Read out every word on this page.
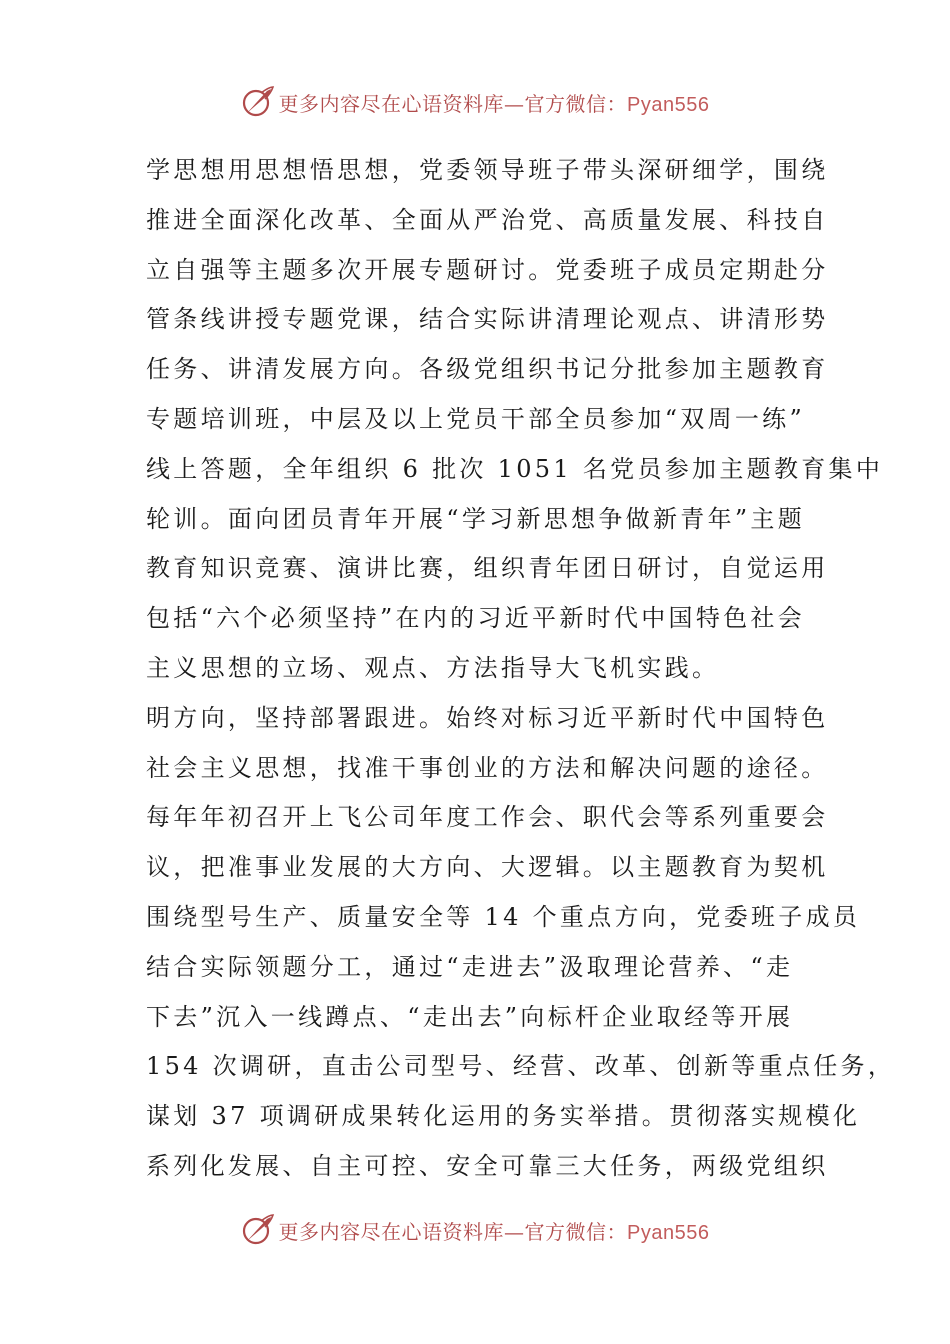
更多内容尽在心语资料库—官方微信：Pyan556
学思想用思想悟思想，党委领导班子带头深研细学，围绕
推进全面深化改革、全面从严治党、高质量发展、科技自
立自强等主题多次开展专题研讨。党委班子成员定期赴分
管条线讲授专题党课，结合实际讲清理论观点、讲清形势
任务、讲清发展方向。各级党组织书记分批参加主题教育
专题培训班，中层及以上党员干部全员参加“双周一练”
线上答题，全年组织 6 批次 1051 名党员参加主题教育集中
轮训。面向团员青年开展“学习新思想争做新青年”主题
教育知识竞赛、演讲比赛，组织青年团日研讨，自觉运用
包括“六个必须坚持”在内的习近平新时代中国特色社会
主义思想的立场、观点、方法指导大飞机实践。
明方向，坚持部署跟进。始终对标习近平新时代中国特色
社会主义思想，找准干事创业的方法和解决问题的途径。
每年年初召开上飞公司年度工作会、职代会等系列重要会
议，把准事业发展的大方向、大逻辑。以主题教育为契机
围绕型号生产、质量安全等 14 个重点方向，党委班子成员
结合实际领题分工，通过“走进去”汲取理论营养、“走
下去”沉入一线蹲点、“走出去”向标杆企业取经等开展
154 次调研，直击公司型号、经营、改革、创新等重点任务，
谋划 37 项调研成果转化运用的务实举措。贯彻落实规模化
系列化发展、自主可控、安全可靠三大任务，两级党组织
更多内容尽在心语资料库—官方微信：Pyan556
